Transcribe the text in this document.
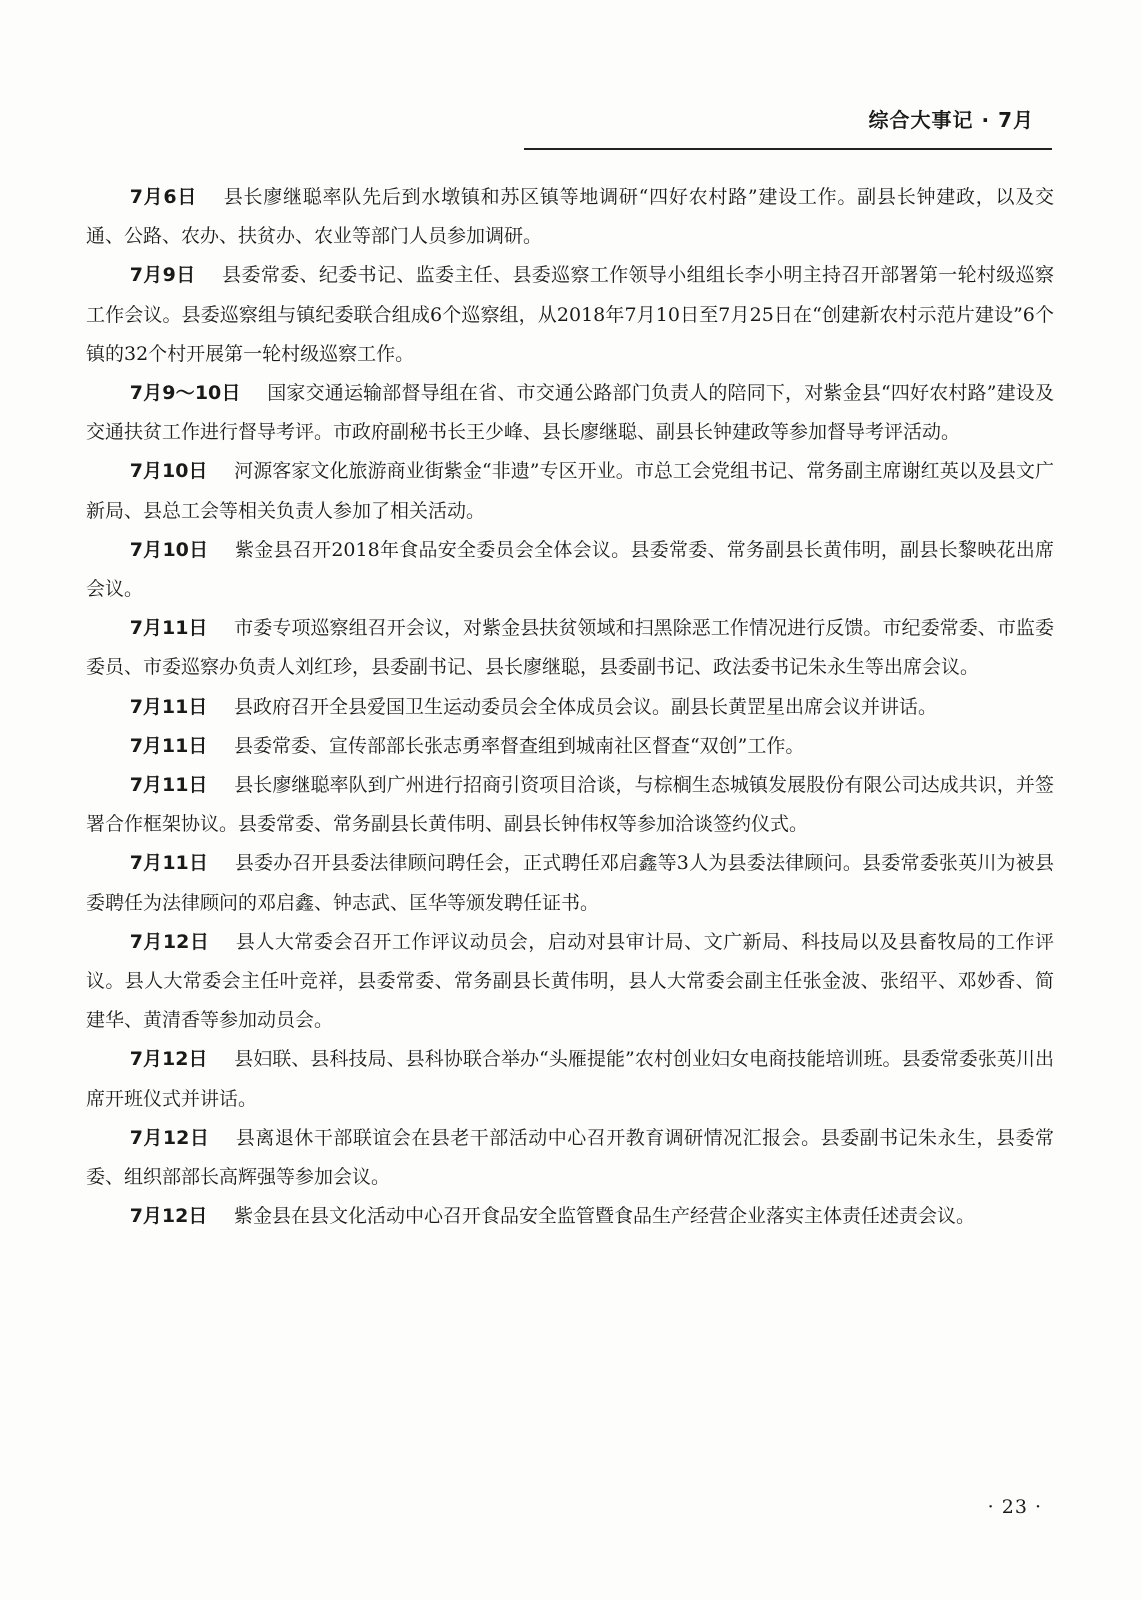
综合大事记 · 7月

7月6日 县长廖继聪率队先后到水墩镇和苏区镇等地调研“四好农村路”建设工作。副县长钟建政，以及交通、公路、农办、扶贫办、农业等部门人员参加调研。

7月9日 县委常委、纪委书记、监委主任、县委巡察工作领导小组组长李小明主持召开部署第一轮村级巡察工作会议。县委巡察组与镇纪委联合组成6个巡察组，从2018年7月10日至7月25日在“创建新农村示范片建设”6个镇的32个村开展第一轮村级巡察工作。

7月9～10日 国家交通运输部督导组在省、市交通公路部门负责人的陪同下，对紫金县“四好农村路”建设及交通扶贫工作进行督导考评。市政府副秘书长王少峰、县长廖继聪、副县长钟建政等参加督导考评活动。

7月10日 河源客家文化旅游商业街紫金“非遗”专区开业。市总工会党组书记、常务副主席谢红英以及县文广新局、县总工会等相关负责人参加了相关活动。

7月10日 紫金县召开2018年食品安全委员会全体会议。县委常委、常务副县长黄伟明，副县长黎映花出席会议。

7月11日 市委专项巡察组召开会议，对紫金县扶贫领域和扫黑除恶工作情况进行反馈。市纪委常委、市监委委员、市委巡察办负责人刘红珍，县委副书记、县长廖继聪，县委副书记、政法委书记朱永生等出席会议。

7月11日 县政府召开全县爱国卫生运动委员会全体成员会议。副县长黄罡星出席会议并讲话。

7月11日 县委常委、宣传部部长张志勇率督查组到城南社区督查“双创”工作。

7月11日 县长廖继聪率队到广州进行招商引资项目洽谈，与棕榈生态城镇发展股份有限公司达成共识，并签署合作框架协议。县委常委、常务副县长黄伟明、副县长钟伟权等参加洽谈签约仪式。

7月11日 县委办召开县委法律顾问聘任会，正式聘任邓启鑫等3人为县委法律顾问。县委常委张英川为被县委聘任为法律顾问的邓启鑫、钟志武、匡华等颁发聘任证书。

7月12日 县人大常委会召开工作评议动员会，启动对县审计局、文广新局、科技局以及县畜牧局的工作评议。县人大常委会主任叶竞祥，县委常委、常务副县长黄伟明，县人大常委会副主任张金波、张绍平、邓妙香、简建华、黄清香等参加动员会。

7月12日 县妇联、县科技局、县科协联合举办“头雁提能”农村创业妇女电商技能培训班。县委常委张英川出席开班仪式并讲话。

7月12日 县离退休干部联谊会在县老干部活动中心召开教育调研情况汇报会。县委副书记朱永生，县委常委、组织部部长高辉强等参加会议。

7月12日 紫金县在县文化活动中心召开食品安全监管暨食品生产经营企业落实主体责任述责会议。

· 23 ·
